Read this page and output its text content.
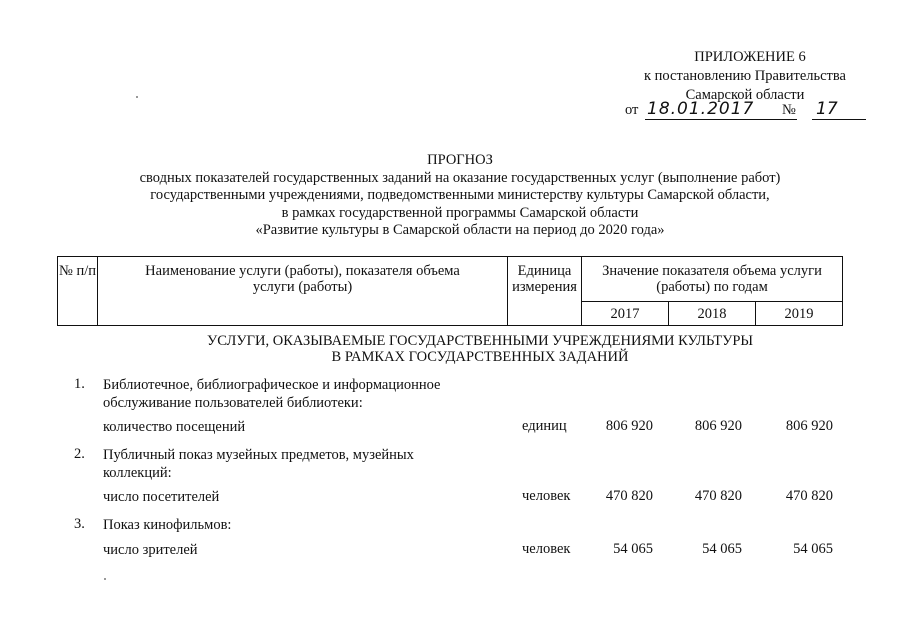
ПРИЛОЖЕНИЕ 6
к постановлению Правительства
Самарской области
от 18.01.2017	№ 17
ПРОГНОЗ
сводных показателей государственных заданий на оказание государственных услуг (выполнение работ)
государственными учреждениями, подведомственными министерству культуры Самарской области,
в рамках государственной программы Самарской области
«Развитие культуры в Самарской области на период до 2020 года»
№ п/п	Наименование услуги (работы), показателя объема услуги (работы)	Единица измерения	Значение показателя объема услуги (работы) по годам		

			2017	2018	2019
УСЛУГИ, ОКАЗЫВАЕМЫЕ ГОСУДАРСТВЕННЫМИ УЧРЕЖДЕНИЯМИ КУЛЬТУРЫ
В РАМКАХ ГОСУДАРСТВЕННЫХ ЗАДАНИЙ
1. Библиотечное, библиографическое и информационное
обслуживание пользователей библиотеки:
количество посещений	единиц	806 920	806 920	806 920
2. Публичный показ музейных предметов, музейных
коллекций:
число посетителей	человек	470 820	470 820	470 820
3. Показ кинофильмов:
число зрителей	человек	54 065	54 065	54 065
